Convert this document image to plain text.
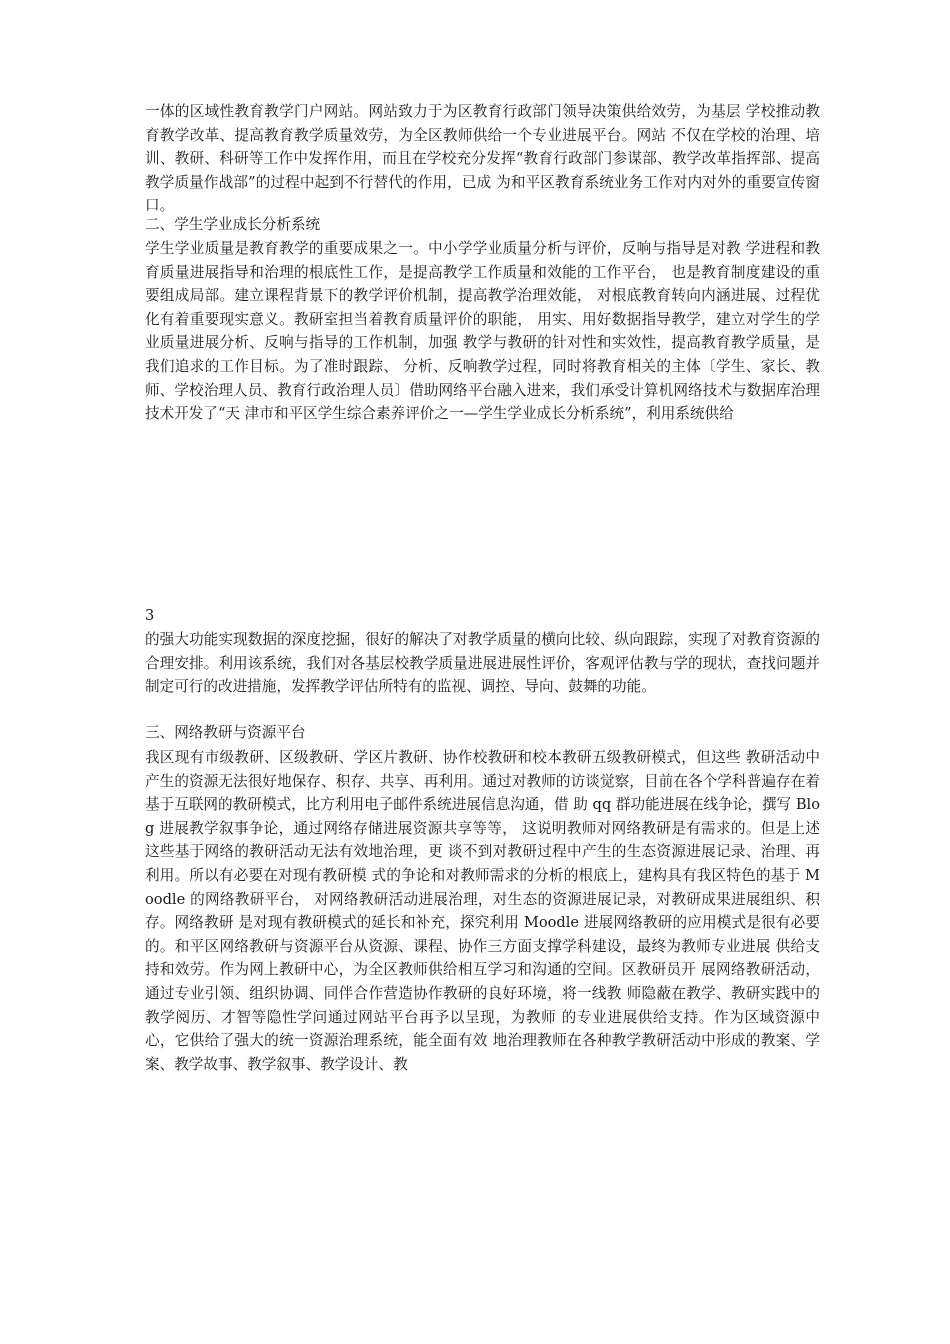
一体的区域性教育教学门户网站。网站致力于为区教育行政部门领导决策供给效劳，为基层 学校推动教育教学改革、提高教育教学质量效劳，为全区教师供给一个专业进展平台。网站 不仅在学校的治理、培训、教研、科研等工作中发挥作用，而且在学校充分发挥“教育行政部门参谋部、教学改革指挥部、提高教学质量作战部”的过程中起到不行替代的作用，已成 为和平区教育系统业务工作对内对外的重要宣传窗口。

二、学生学业成长分析系统

学生学业质量是教育教学的重要成果之一。中小学学业质量分析与评价，反响与指导是对教 学进程和教育质量进展指导和治理的根底性工作，是提高教学工作质量和效能的工作平台， 也是教育制度建设的重要组成局部。建立课程背景下的教学评价机制，提高教学治理效能， 对根底教育转向内涵进展、过程优化有着重要现实意义。教研室担当着教育质量评价的职能， 用实、用好数据指导教学，建立对学生的学业质量进展分析、反响与指导的工作机制，加强 教学与教研的针对性和实效性，提高教育教学质量，是我们追求的工作目标。为了准时跟踪、 分析、反响教学过程，同时将教育相关的主体〔学生、家长、教师、学校治理人员、教育行政治理人员〕借助网络平台融入进来，我们承受计算机网络技术与数据库治理技术开发了“天 津市和平区学生综合素养评价之一—学生学业成长分析系统”，利用系统供给

3

的强大功能实现数据的深度挖掘，很好的解决了对教学质量的横向比较、纵向跟踪，实现了对教育资源的合理安排。利用该系统，我们对各基层校教学质量进展进展性评价，客观评估教与学的现状，查找问题并制定可行的改进措施，发挥教学评估所特有的监视、调控、导向、鼓舞的功能。

三、网络教研与资源平台

我区现有市级教研、区级教研、学区片教研、协作校教研和校本教研五级教研模式，但这些 教研活动中产生的资源无法很好地保存、积存、共享、再利用。通过对教师的访谈觉察，目前在各个学科普遍存在着基于互联网的教研模式，比方利用电子邮件系统进展信息沟通，借 助 qq 群功能进展在线争论，撰写 Blog 进展教学叙事争论，通过网络存储进展资源共享等等， 这说明教师对网络教研是有需求的。但是上述这些基于网络的教研活动无法有效地治理，更 谈不到对教研过程中产生的生态资源进展记录、治理、再利用。所以有必要在对现有教研模 式的争论和对教师需求的分析的根底上，建构具有我区特色的基于 Moodle 的网络教研平台， 对网络教研活动进展治理，对生态的资源进展记录，对教研成果进展组织、积存。网络教研 是对现有教研模式的延长和补充，探究利用 Moodle 进展网络教研的应用模式是很有必要的。和平区网络教研与资源平台从资源、课程、协作三方面支撑学科建设，最终为教师专业进展 供给支持和效劳。作为网上教研中心，为全区教师供给相互学习和沟通的空间。区教研员开 展网络教研活动，通过专业引领、组织协调、同伴合作营造协作教研的良好环境，将一线教 师隐蔽在教学、教研实践中的教学阅历、才智等隐性学问通过网站平台再予以呈现，为教师 的专业进展供给支持。作为区域资源中心，它供给了强大的统一资源治理系统，能全面有效 地治理教师在各种教学教研活动中形成的教案、学案、教学故事、教学叙事、教学设计、教
